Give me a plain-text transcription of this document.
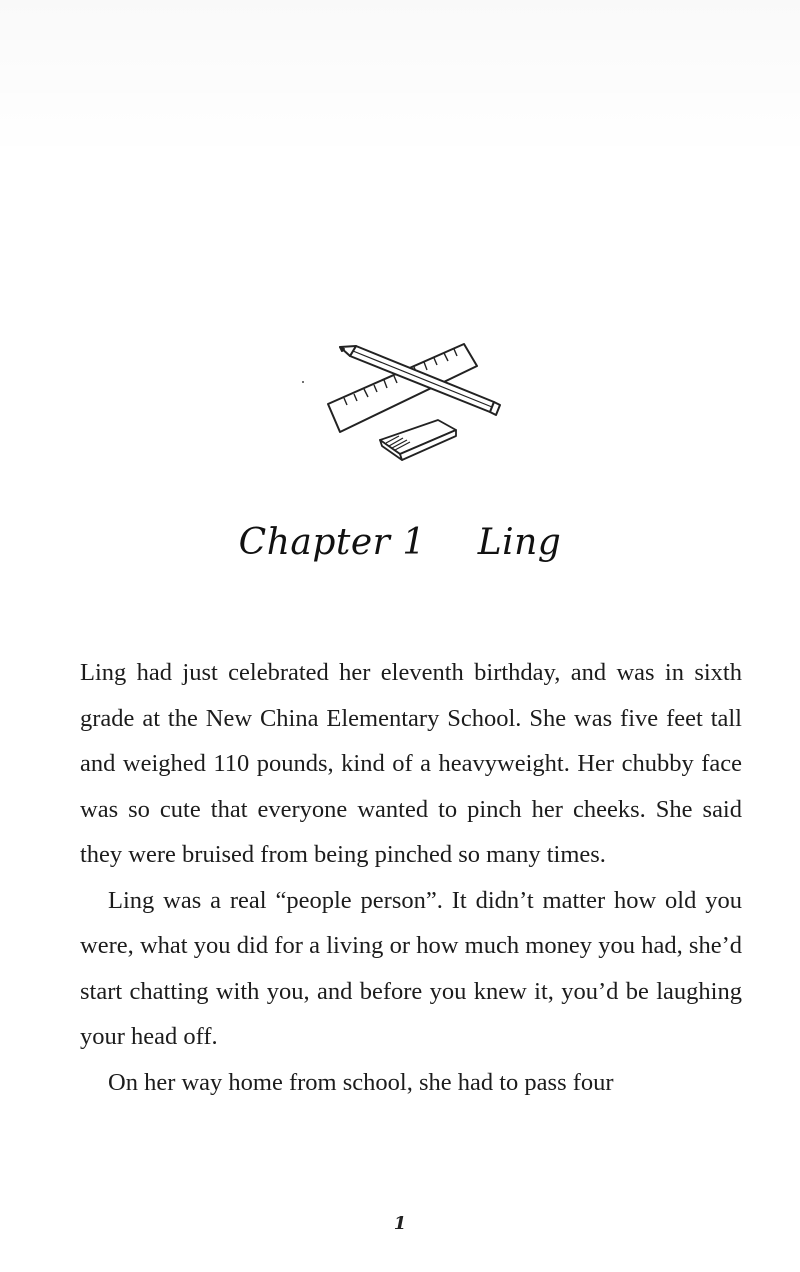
Chapter 1 Ling

Ling had just celebrated her eleventh birthday, and was in sixth grade at the New China Elementary School. She was five feet tall and weighed 110 pounds, kind of a heavyweight. Her chubby face was so cute that everyone wanted to pinch her cheeks. She said they were bruised from being pinched so many times.

Ling was a real “people person”. It didn’t matter how old you were, what you did for a living or how much money you had, she’d start chatting with you, and before you knew it, you’d be laughing your head off.

On her way home from school, she had to pass four

1
